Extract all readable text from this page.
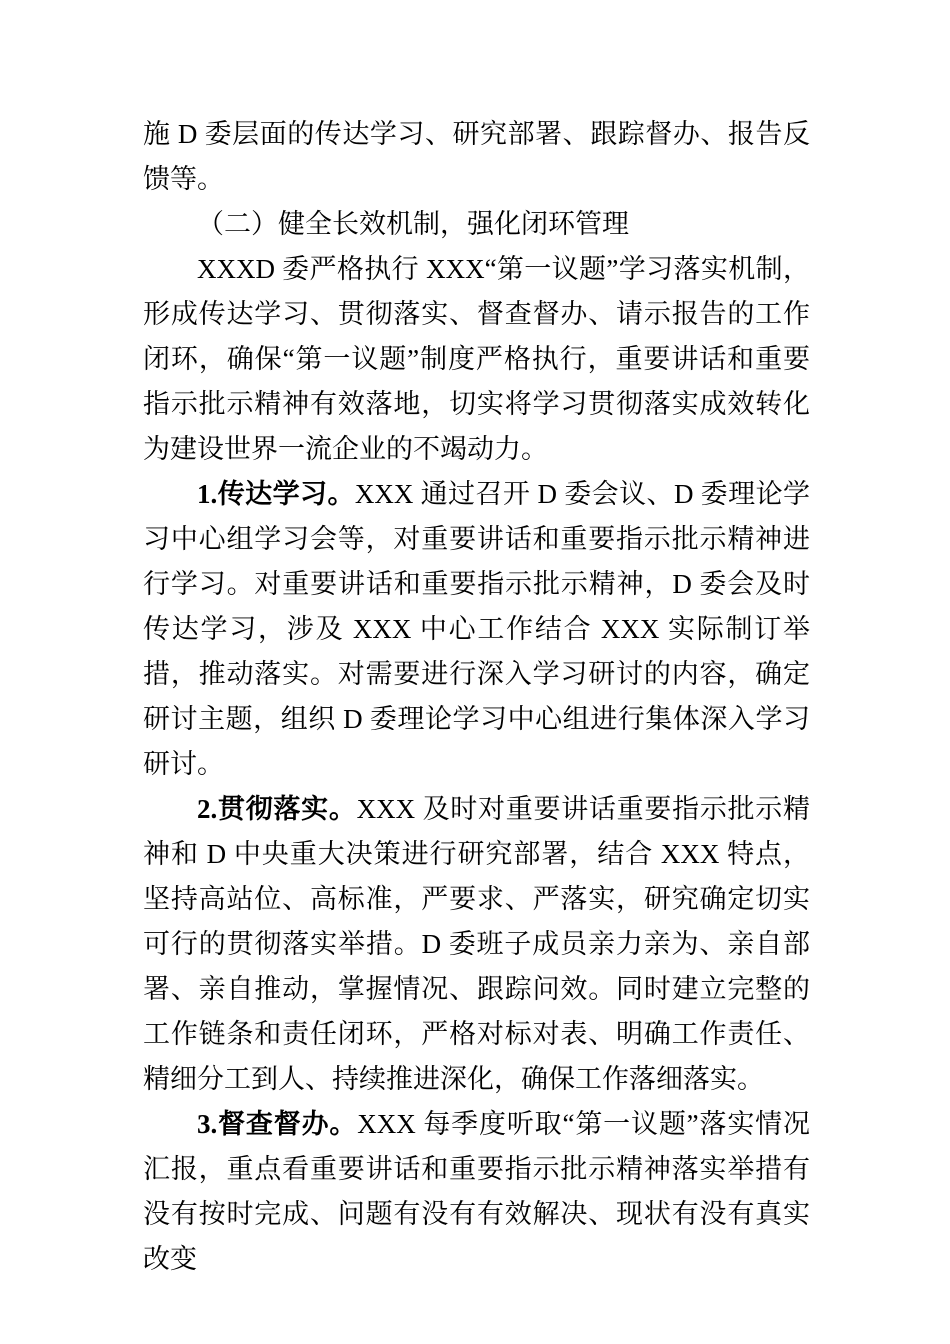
施 D 委层面的传达学习、研究部署、跟踪督办、报告反馈等。

（二）健全长效机制，强化闭环管理

XXXD 委严格执行 XXX“第一议题”学习落实机制，形成传达学习、贯彻落实、督查督办、请示报告的工作闭环，确保“第一议题”制度严格执行，重要讲话和重要指示批示精神有效落地，切实将学习贯彻落实成效转化为建设世界一流企业的不竭动力。

1.传达学习。XXX 通过召开 D 委会议、D 委理论学习中心组学习会等，对重要讲话和重要指示批示精神进行学习。对重要讲话和重要指示批示精神，D 委会及时传达学习，涉及 XXX 中心工作结合 XXX 实际制订举措，推动落实。对需要进行深入学习研讨的内容，确定研讨主题，组织 D 委理论学习中心组进行集体深入学习研讨。

2.贯彻落实。XXX 及时对重要讲话重要指示批示精神和 D 中央重大决策进行研究部署，结合 XXX 特点，坚持高站位、高标准，严要求、严落实，研究确定切实可行的贯彻落实举措。D 委班子成员亲力亲为、亲自部署、亲自推动，掌握情况、跟踪问效。同时建立完整的工作链条和责任闭环，严格对标对表、明确工作责任、精细分工到人、持续推进深化，确保工作落细落实。

3.督查督办。XXX 每季度听取“第一议题”落实情况汇报，重点看重要讲话和重要指示批示精神落实举措有没有按时完成、问题有没有有效解决、现状有没有真实改变
